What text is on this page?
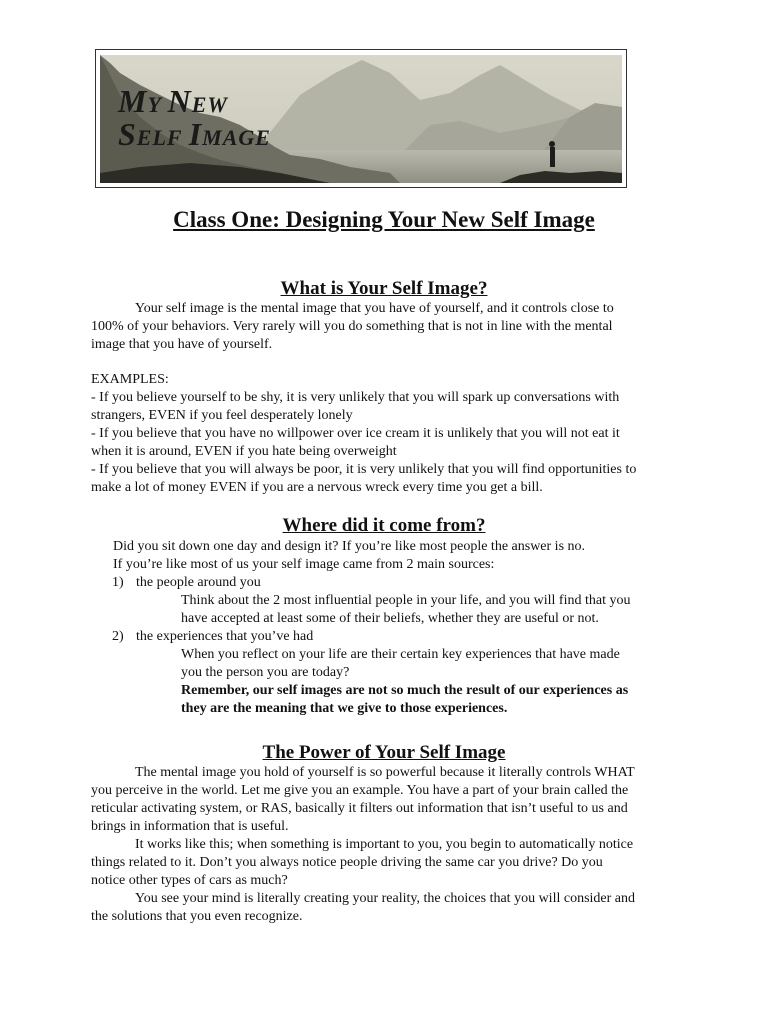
MY NEW
SELF IMAGE
Class One: Designing Your New Self Image
What is Your Self Image?
Your self image is the mental image that you have of yourself, and it controls close to
100% of your behaviors. Very rarely will you do something that is not in line with the mental
image that you have of yourself.
EXAMPLES:
- If you believe yourself to be shy, it is very unlikely that you will spark up conversations with
strangers, EVEN if you feel desperately lonely
- If you believe that you have no willpower over ice cream it is unlikely that you will not eat it
when it is around, EVEN if you hate being overweight
- If you believe that you will always be poor, it is very unlikely that you will find opportunities to
make a lot of money EVEN if you are a nervous wreck every time you get a bill.
Where did it come from?
Did you sit down one day and design it? If you’re like most people the answer is no.
If you’re like most of us your self image came from 2 main sources:
1) the people around you
Think about the 2 most influential people in your life, and you will find that you
have accepted at least some of their beliefs, whether they are useful or not.
2) the experiences that you’ve had
When you reflect on your life are their certain key experiences that have made
you the person you are today?
Remember, our self images are not so much the result of our experiences as
they are the meaning that we give to those experiences.
The Power of Your Self Image
The mental image you hold of yourself is so powerful because it literally controls WHAT
you perceive in the world. Let me give you an example. You have a part of your brain called the
reticular activating system, or RAS, basically it filters out information that isn’t useful to us and
brings in information that is useful.
It works like this; when something is important to you, you begin to automatically notice
things related to it. Don’t you always notice people driving the same car you drive? Do you
notice other types of cars as much?
You see your mind is literally creating your reality, the choices that you will consider and
the solutions that you even recognize.
